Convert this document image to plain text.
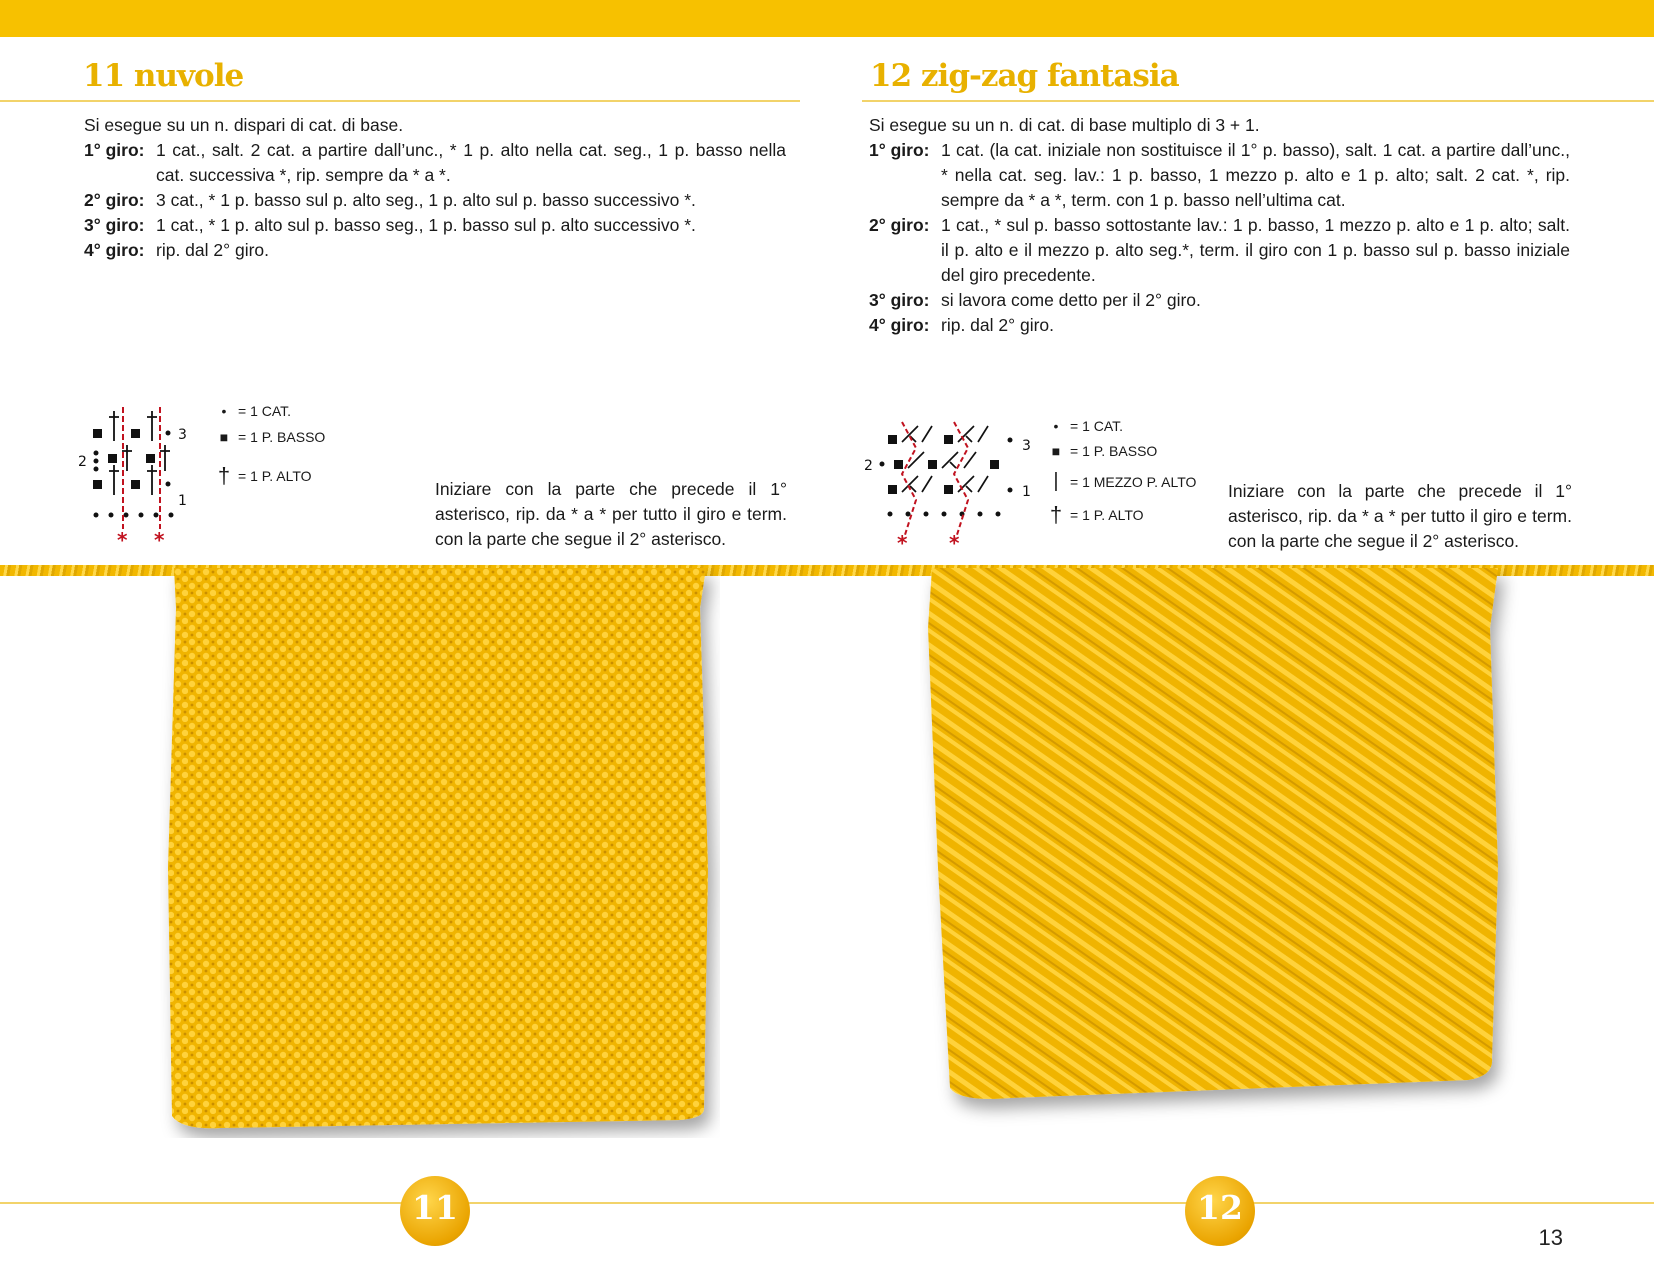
11 nuvole
Si esegue su un n. dispari di cat. di base.
1° giro: 1 cat., salt. 2 cat. a partire dall’unc., * 1 p. alto nella cat. seg., 1 p. basso nella cat. successiva *, rip. sempre da * a *.
2° giro: 3 cat., * 1 p. basso sul p. alto seg., 1 p. alto sul p. basso successivo *.
3° giro: 1 cat., * 1 p. alto sul p. basso seg., 1 p. basso sul p. alto successivo *.
4° giro: rip. dal 2° giro.
3
2
1
* *
• = 1 CAT.
■ = 1 P. BASSO
† = 1 P. ALTO
Iniziare con la parte che precede il 1° asterisco, rip. da * a * per tutto il giro e term. con la parte che segue il 2° asterisco.
12 zig-zag fantasia
Si esegue su un n. di cat. di base multiplo di 3 + 1.
1° giro: 1 cat. (la cat. iniziale non sostituisce il 1° p. basso), salt. 1 cat. a partire dall’unc., * nella cat. seg. lav.: 1 p. basso, 1 mezzo p. alto e 1 p. alto; salt. 2 cat. *, rip. sempre da * a *, term. con 1 p. basso nell’ultima cat.
2° giro: 1 cat., * sul p. basso sottostante lav.: 1 p. basso, 1 mezzo p. alto e 1 p. alto; salt. il p. alto e il mezzo p. alto seg.*, term. il giro con 1 p. basso sul p. basso iniziale del giro precedente.
3° giro: si lavora come detto per il 2° giro.
4° giro: rip. dal 2° giro.
3
2
1
* *
• = 1 CAT.
■ = 1 P. BASSO
| = 1 MEZZO P. ALTO
† = 1 P. ALTO
Iniziare con la parte che precede il 1° asterisco, rip. da * a * per tutto il giro e term. con la parte che segue il 2° asterisco.
11	12
13
